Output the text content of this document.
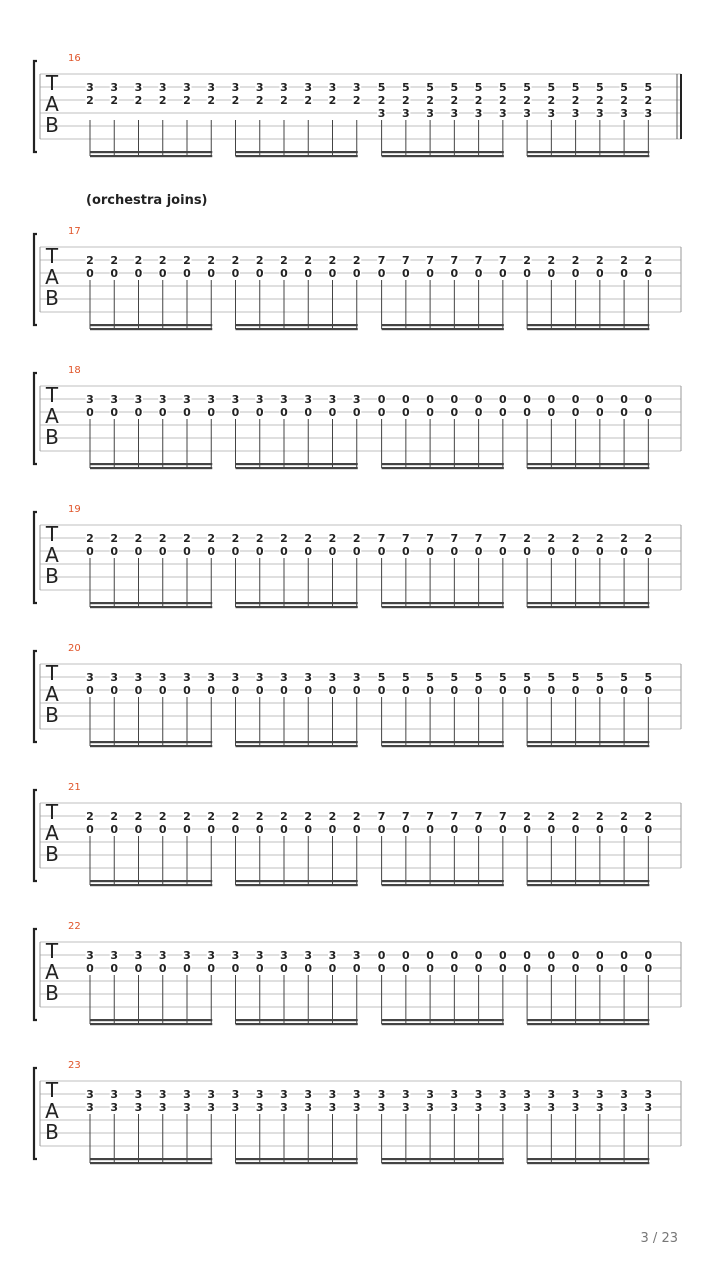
16
T
A
B
3 3 3 3 3 3 3 3 3 3 3 3 5 5 5 5 5 5 5 5 5 5 5 5
2 2 2 2 2 2 2 2 2 2 2 2 2 2 2 2 2 2 2 2 2 2 2 2
3 3 3 3 3 3 3 3 3 3 3 3
17
T
A
B
2 2 2 2 2 2 2 2 2 2 2 2 7 7 7 7 7 7 2 2 2 2 2 2
0 0 0 0 0 0 0 0 0 0 0 0 0 0 0 0 0 0 0 0 0 0 0 0
18
T
A
B
3 3 3 3 3 3 3 3 3 3 3 3 0 0 0 0 0 0 0 0 0 0 0 0
0 0 0 0 0 0 0 0 0 0 0 0 0 0 0 0 0 0 0 0 0 0 0 0
19
T
A
B
2 2 2 2 2 2 2 2 2 2 2 2 7 7 7 7 7 7 2 2 2 2 2 2
0 0 0 0 0 0 0 0 0 0 0 0 0 0 0 0 0 0 0 0 0 0 0 0
20
T
A
B
3 3 3 3 3 3 3 3 3 3 3 3 5 5 5 5 5 5 5 5 5 5 5 5
0 0 0 0 0 0 0 0 0 0 0 0 0 0 0 0 0 0 0 0 0 0 0 0
21
T
A
B
2 2 2 2 2 2 2 2 2 2 2 2 7 7 7 7 7 7 2 2 2 2 2 2
0 0 0 0 0 0 0 0 0 0 0 0 0 0 0 0 0 0 0 0 0 0 0 0
22
T
A
B
3 3 3 3 3 3 3 3 3 3 3 3 0 0 0 0 0 0 0 0 0 0 0 0
0 0 0 0 0 0 0 0 0 0 0 0 0 0 0 0 0 0 0 0 0 0 0 0
23
T
A
B
3 3 3 3 3 3 3 3 3 3 3 3 3 3 3 3 3 3 3 3 3 3 3 3
3 3 3 3 3 3 3 3 3 3 3 3 3 3 3 3 3 3 3 3 3 3 3 3
(orchestra joins)
3 / 23
